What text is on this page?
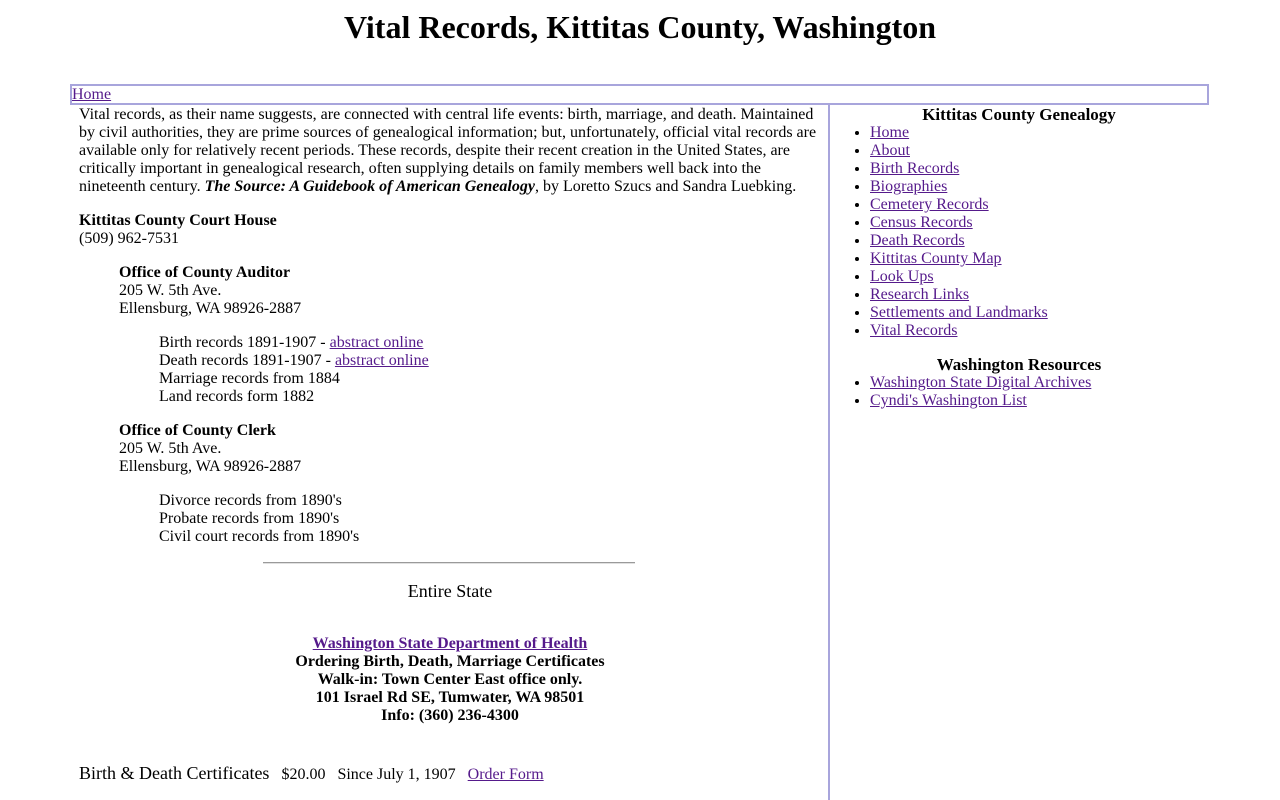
Vital Records, Kittitas County, Washington
Home

Vital records, as their name suggests, are connected with central life events: birth, marriage, and death. Maintained by civil authorities, they are prime sources of genealogical information; but, unfortunately, official vital records are available only for relatively recent periods. These records, despite their recent creation in the United States, are critically important in genealogical research, often supplying details on family members well back into the nineteenth century. The Source: A Guidebook of American Genealogy, by Loretto Szucs and Sandra Luebking.

Kittitas County Court House
(509) 962-7531
Office of County Auditor
205 W. 5th Ave.
Ellensburg, WA 98926-2887
Birth records 1891-1907 - abstract online
Death records 1891-1907 - abstract online
Marriage records from 1884
Land records form 1882
Office of County Clerk
205 W. 5th Ave.
Ellensburg, WA 98926-2887
Divorce records from 1890's
Probate records from 1890's
Civil court records from 1890's
Entire State
Washington State Department of Health
Ordering Birth, Death, Marriage Certificates
Walk-in: Town Center East office only.
101 Israel Rd SE, Tumwater, WA 98501
Info: (360) 236-4300
Birth & Death Certificates $20.00 Since July 1, 1907 Order Form
Kittitas County Genealogy
• Home
• About
• Birth Records
• Biographies
• Cemetery Records
• Census Records
• Death Records
• Kittitas County Map
• Look Ups
• Research Links
• Settlements and Landmarks
• Vital Records
Washington Resources
• Washington State Digital Archives
• Cyndi's Washington List
